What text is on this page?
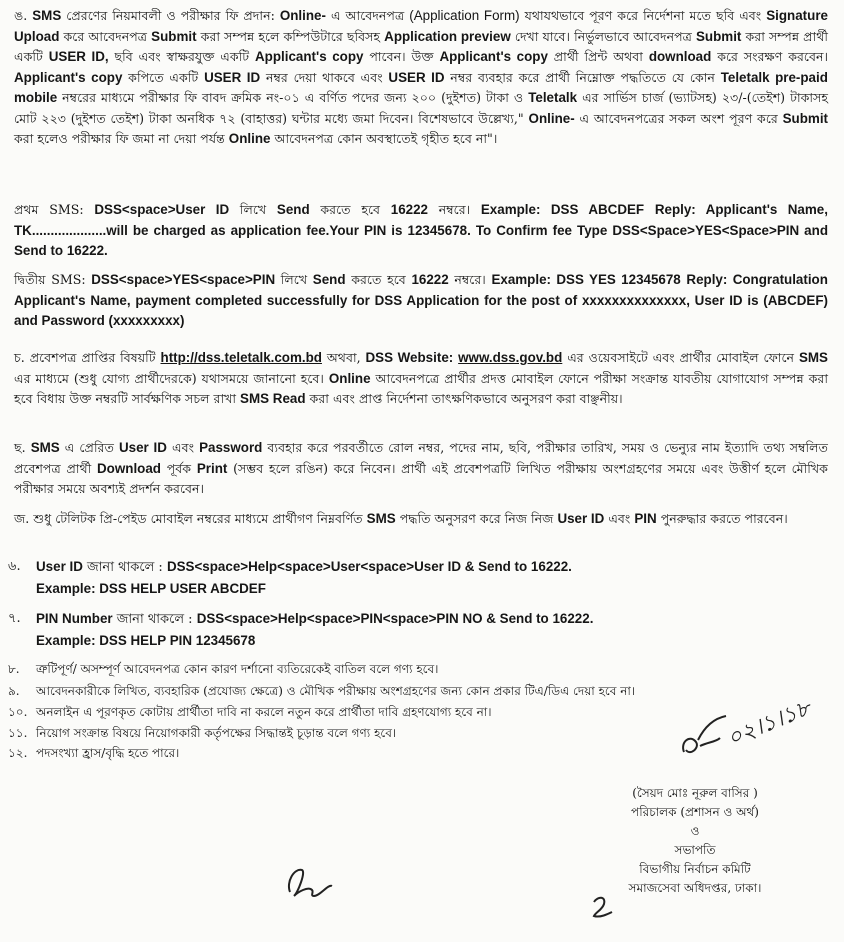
ঙ. SMS প্রেরণের নিয়মাবলী ও পরীক্ষার ফি প্রদান: Online- এ আবেদনপত্র (Application Form) যথাযথভাবে পূরণ করে নির্দেশনা মতে ছবি এবং Signature Upload করে আবেদনপত্র Submit করা সম্পন্ন হলে কম্পিউটারে ছবিসহ Application preview দেখা যাবে। নির্ভুলভাবে আবেদনপত্র Submit করা সম্পন্ন প্রার্থী একটি USER ID, ছবি এবং স্বাক্ষরযুক্ত একটি Applicant's copy পাবেন। উক্ত Applicant's copy প্রার্থী প্রিন্ট অথবা download করে সংরক্ষণ করবেন। Applicant's copy কপিতে একটি USER ID নম্বর দেয়া থাকবে এবং USER ID নম্বর ব্যবহার করে প্রার্থী নিম্নোক্ত পদ্ধতিতে যে কোন Teletalk pre-paid mobile নম্বরের মাধ্যমে পরীক্ষার ফি বাবদ ক্রমিক নং-০১ এ বর্ণিত পদের জন্য ২০০ (দুইশত) টাকা ও Teletalk এর সার্ভিস চার্জ (ভ্যাটসহ) ২৩/-(তেইশ) টাকাসহ মোট ২২৩ (দুইশত তেইশ) টাকা অনধিক ৭২ (বাহাত্তর) ঘন্টার মধ্যে জমা দিবেন। বিশেষভাবে উল্লেখ্য," Online- এ আবেদনপত্রের সকল অংশ পূরণ করে Submit করা হলেও পরীক্ষার ফি জমা না দেয়া পর্যন্ত Online আবেদনপত্র কোন অবস্থাতেই গৃহীত হবে না"।

প্রথম SMS: DSS<space>User ID লিখে Send করতে হবে 16222 নম্বরে। Example: DSS ABCDEF Reply: Applicant's Name, TK....................will be charged as application fee.Your PIN is 12345678. To Confirm fee Type DSS<Space>YES<Space>PIN and Send to 16222.

দ্বিতীয় SMS: DSS<space>YES<space>PIN লিখে Send করতে হবে 16222 নম্বরে। Example: DSS YES 12345678 Reply: Congratulation Applicant's Name, payment completed successfully for DSS Application for the post of xxxxxxxxxxxxxx, User ID is (ABCDEF) and Password (xxxxxxxxx)

চ. প্রবেশপত্র প্রাপ্তির বিষয়টি http://dss.teletalk.com.bd অথবা, DSS Website: www.dss.gov.bd এর ওয়েবসাইটে এবং প্রার্থীর মোবাইল ফোনে SMS এর মাধ্যমে (শুধু যোগ্য প্রার্থীদেরকে) যথাসময়ে জানানো হবে। Online আবেদনপত্রে প্রার্থীর প্রদত্ত মোবাইল ফোনে পরীক্ষা সংক্রান্ত যাবতীয় যোগাযোগ সম্পন্ন করা হবে বিধায় উক্ত নম্বরটি সার্বক্ষণিক সচল রাখা SMS Read করা এবং প্রাপ্ত নির্দেশনা তাৎক্ষণিকভাবে অনুসরণ করা বাঞ্ছনীয়।

ছ. SMS এ প্রেরিত User ID এবং Password ব্যবহার করে পরবর্তীতে রোল নম্বর, পদের নাম, ছবি, পরীক্ষার তারিখ, সময় ও ভেন্যুর নাম ইত্যাদি তথ্য সম্বলিত প্রবেশপত্র প্রার্থী Download পূর্বক Print (সম্ভব হলে রঙিন) করে নিবেন। প্রার্থী এই প্রবেশপত্রটি লিখিত পরীক্ষায় অংশগ্রহণের সময়ে এবং উত্তীর্ণ হলে মৌখিক পরীক্ষার সময়ে অবশ্যই প্রদর্শন করবেন।

জ. শুধু টেলিটক প্রি-পেইড মোবাইল নম্বরের মাধ্যমে প্রার্থীগণ নিম্নবর্ণিত SMS পদ্ধতি অনুসরণ করে নিজ নিজ User ID এবং PIN পুনরুদ্ধার করতে পারবেন।

৬.	User ID জানা থাকলে : DSS<space>Help<space>User<space>User ID & Send to 16222.
Example: DSS HELP USER ABCDEF
৭.	PIN Number জানা থাকলে : DSS<space>Help<space>PIN<space>PIN NO & Send to 16222.
Example: DSS HELP PIN 12345678
৮.	ত্রুটিপূর্ণ/ অসম্পূর্ণ আবেদনপত্র কোন কারণ দর্শানো ব্যতিরেকেই বাতিল বলে গণ্য হবে।
৯.	আবেদনকারীকে লিখিত, ব্যবহারিক (প্রযোজ্য ক্ষেত্রে) ও মৌখিক পরীক্ষায় অংশগ্রহণের জন্য কোন প্রকার টিএ/ডিএ দেয়া হবে না।
১০. অনলাইন এ পূরণকৃত কোটায় প্রার্থীতা দাবি না করলে নতুন করে প্রার্থীতা দাবি গ্রহণযোগ্য হবে না।
১১. নিয়োগ সংক্রান্ত বিষয়ে নিয়োগকারী কর্তৃপক্ষের সিদ্ধান্তই চূড়ান্ত বলে গণ্য হবে।
১২. পদসংখ্যা হ্রাস/বৃদ্ধি হতে পারে।
০২।১।১৮
(সৈয়দ মোঃ নূরুল বাসির )
পরিচালক (প্রশাসন ও অর্থ)
ও
সভাপতি
বিভাগীয় নির্বাচন কমিটি
সমাজসেবা অধিদপ্তর, ঢাকা।
